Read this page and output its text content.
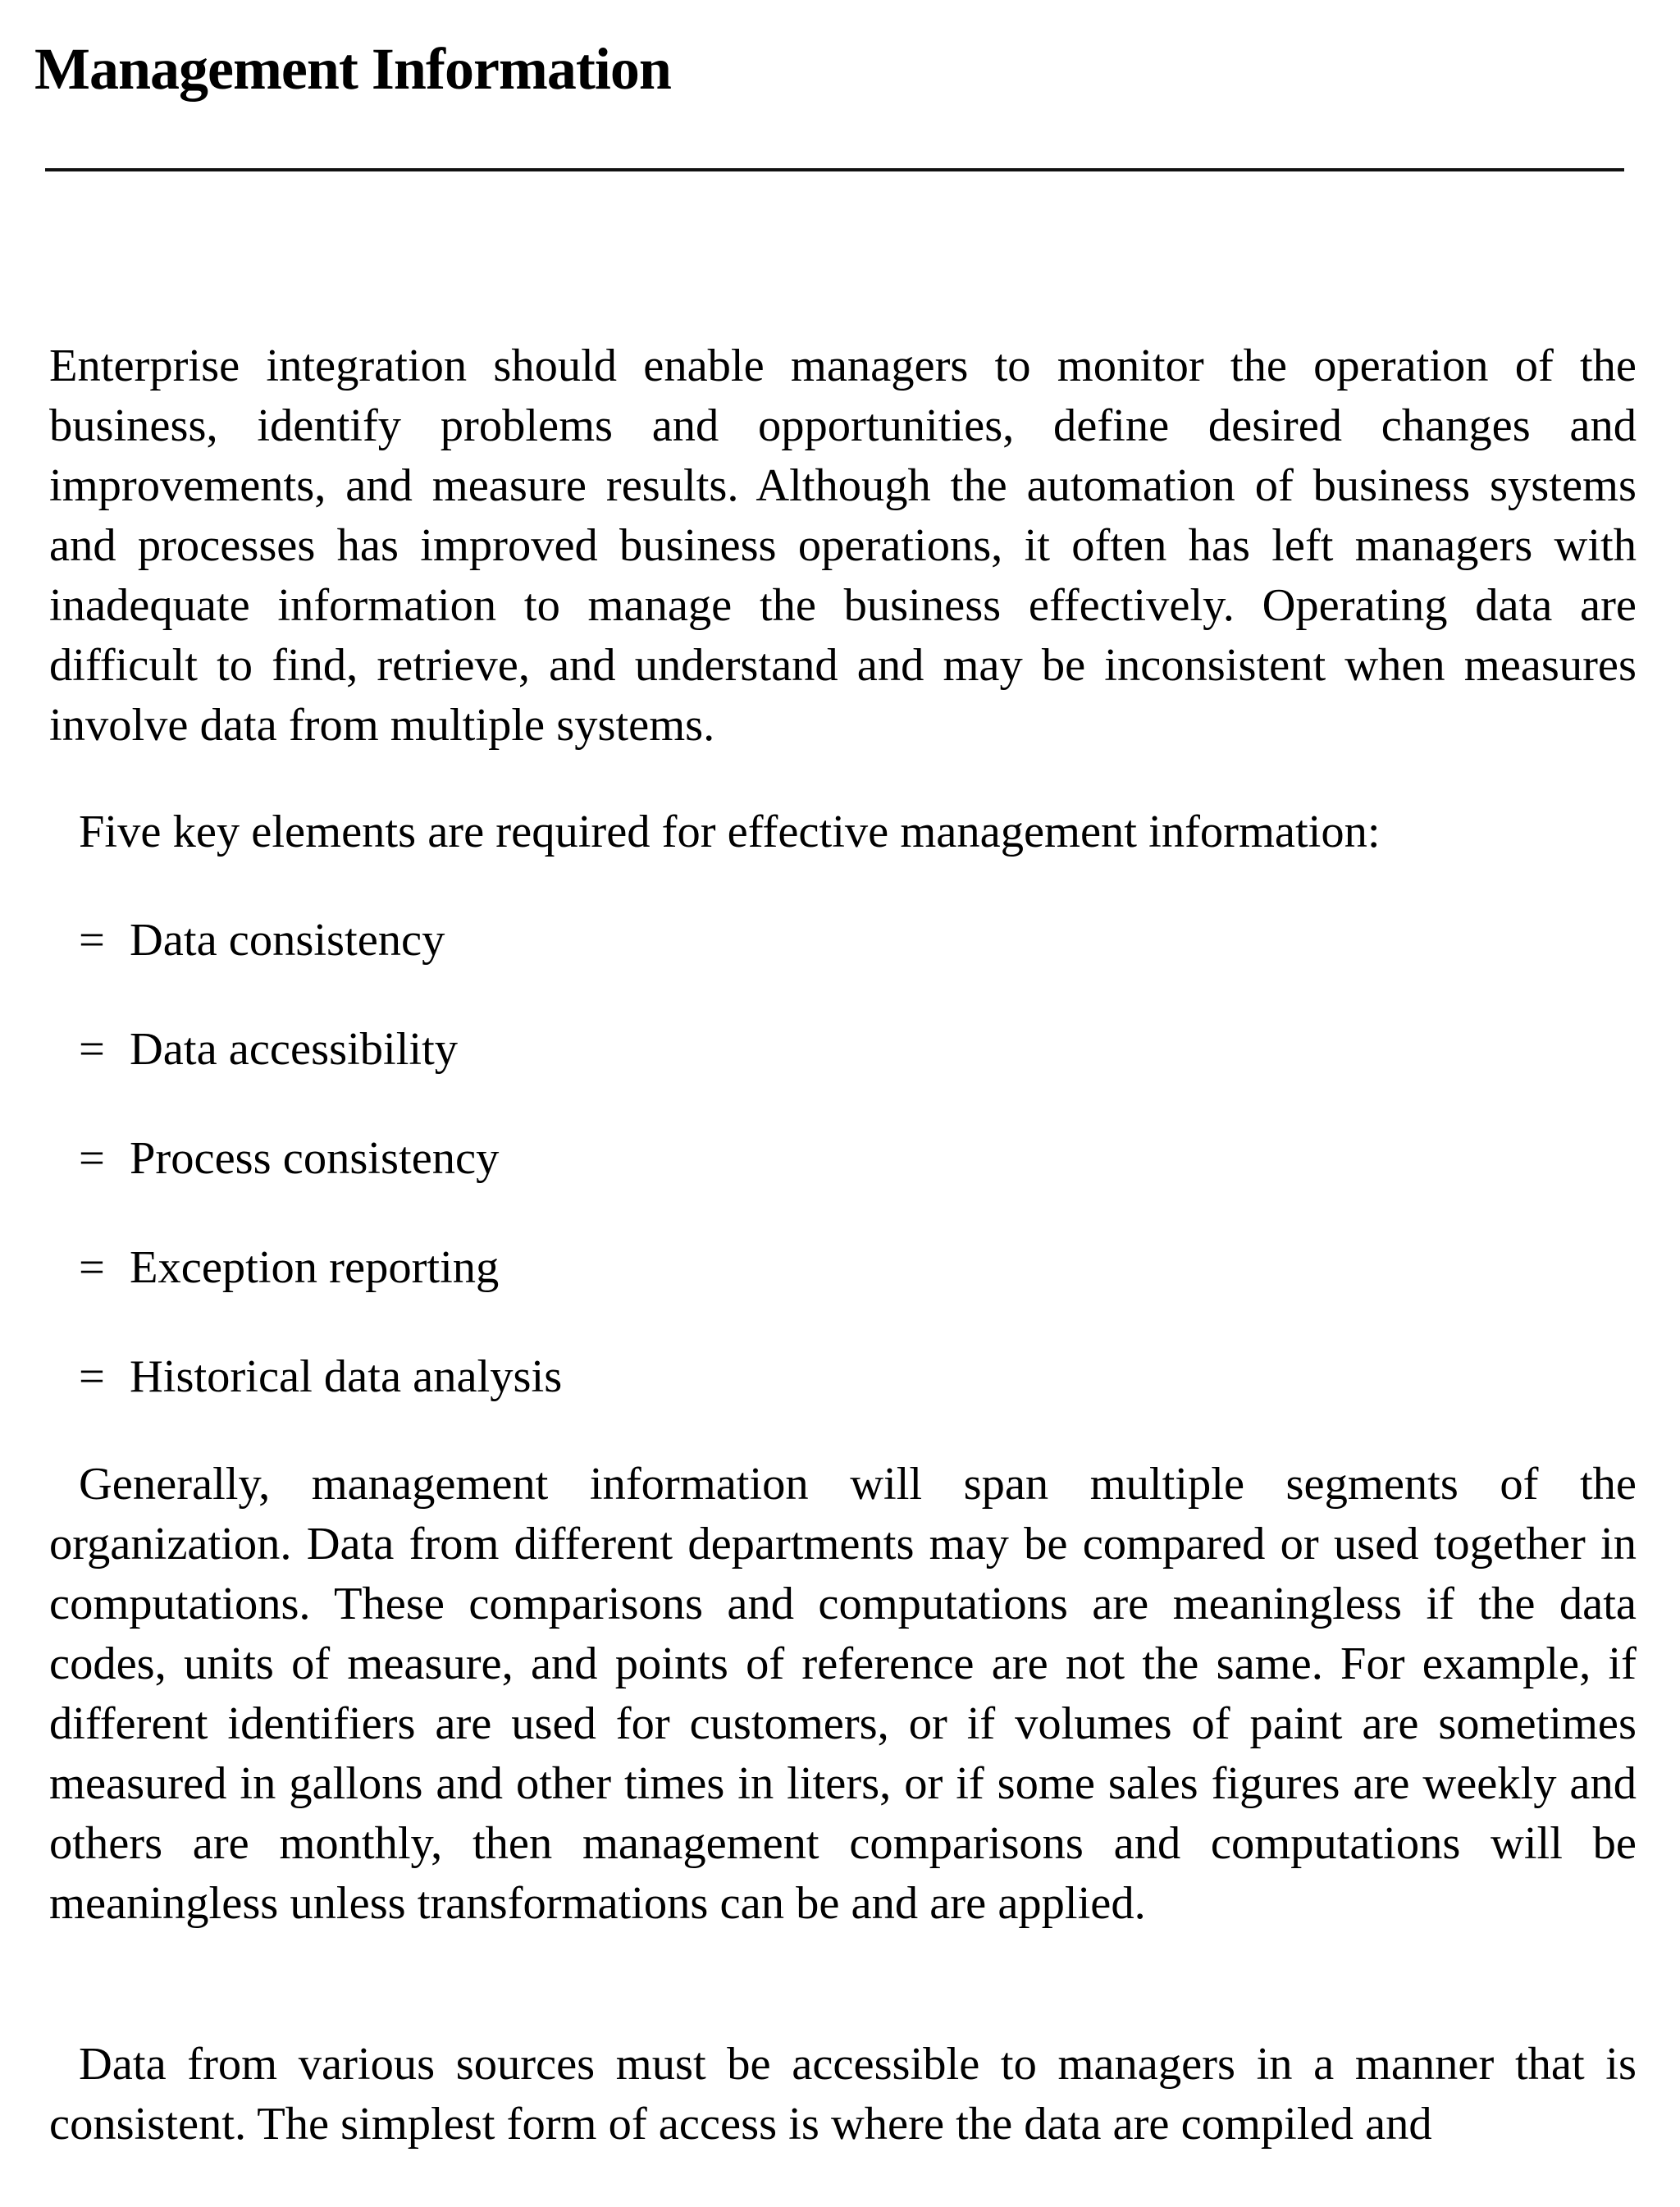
Management Information

Enterprise integration should enable managers to monitor the operation of the business, identify problems and opportunities, define desired changes and improvements, and measure results. Although the automation of business systems and processes has improved business operations, it often has left managers with inadequate information to manage the business effectively. Operating data are difficult to find, retrieve, and understand and may be inconsistent when measures involve data from multiple systems.

Five key elements are required for effective management information:

= Data consistency
= Data accessibility
= Process consistency
= Exception reporting
= Historical data analysis

Generally, management information will span multiple segments of the organization. Data from different departments may be compared or used together in computations. These comparisons and computations are meaningless if the data codes, units of measure, and points of reference are not the same. For example, if different identifiers are used for customers, or if volumes of paint are sometimes measured in gallons and other times in liters, or if some sales figures are weekly and others are monthly, then management comparisons and computations will be meaningless unless transformations can be and are applied.

Data from various sources must be accessible to managers in a manner that is consistent. The simplest form of access is where the data are compiled and
